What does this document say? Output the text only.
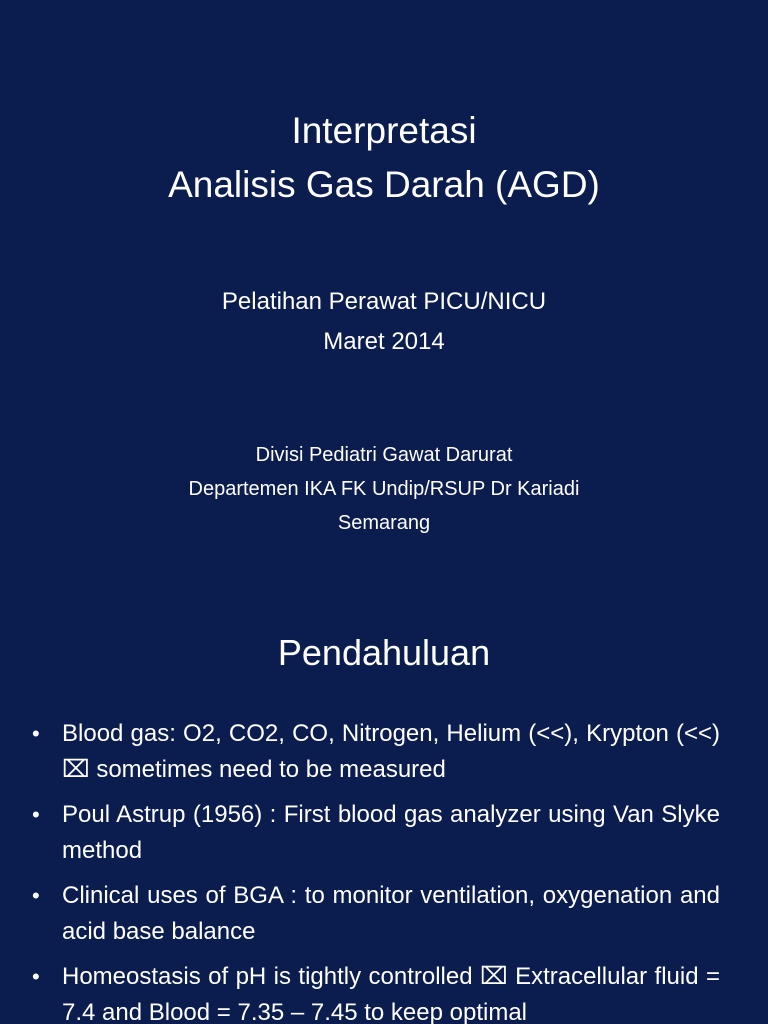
Interpretasi
Analisis Gas Darah (AGD)
Pelatihan Perawat PICU/NICU
Maret 2014
Divisi Pediatri Gawat Darurat
Departemen IKA FK Undip/RSUP Dr Kariadi
Semarang
Pendahuluan
• Blood gas: O2, CO2, CO, Nitrogen, Helium (<<), Krypton (<<) ⌧ sometimes need to be measured
• Poul Astrup (1956) : First blood gas analyzer using Van Slyke method
• Clinical uses of BGA : to monitor ventilation, oxygenation and acid base balance
• Homeostasis of pH is tightly controlled ⌧ Extracellular fluid = 7.4 and Blood = 7.35 – 7.45 to keep optimal
